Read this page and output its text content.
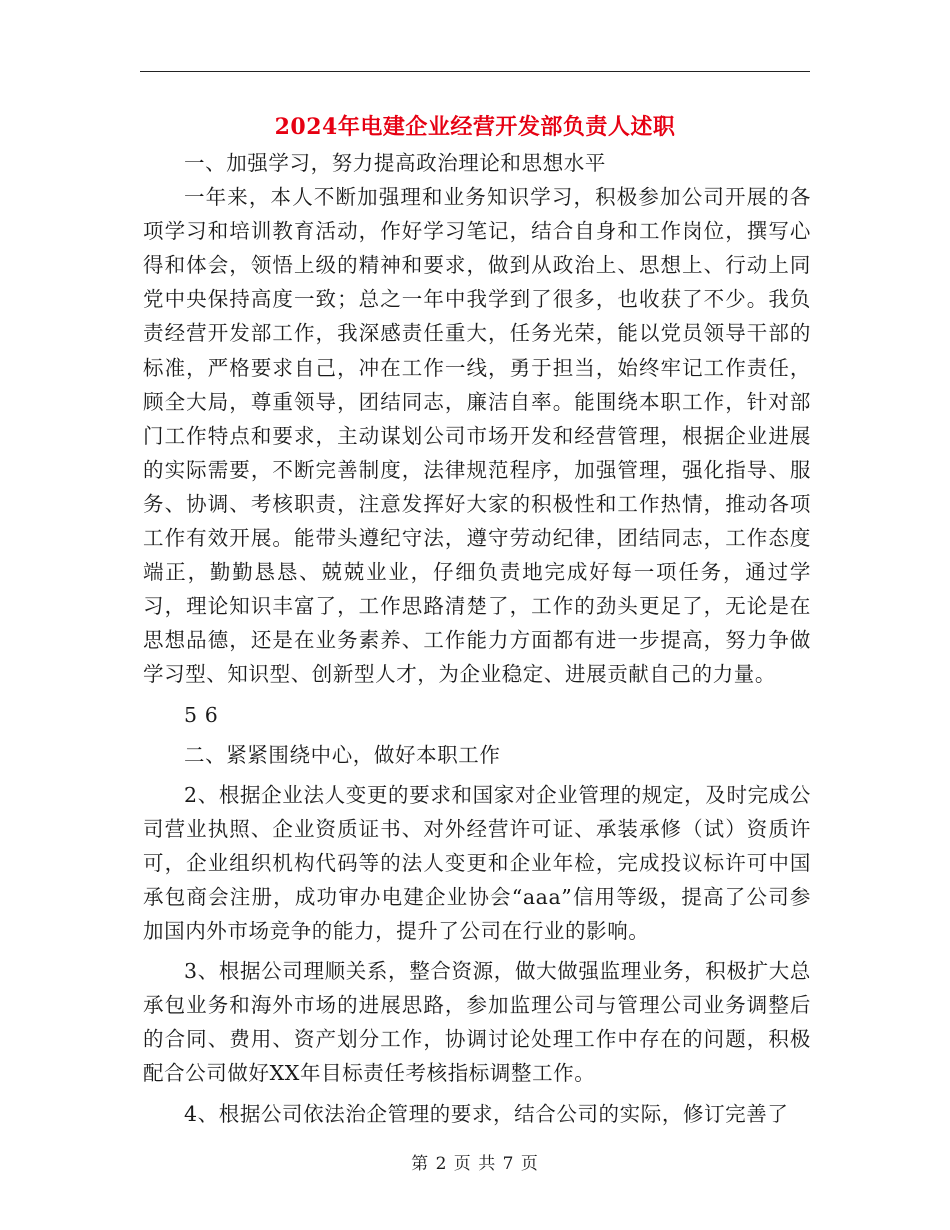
2024年电建企业经营开发部负责人述职

一、加强学习，努力提高政治理论和思想水平

一年来，本人不断加强理和业务知识学习，积极参加公司开展的各项学习和培训教育活动，作好学习笔记，结合自身和工作岗位，撰写心得和体会，领悟上级的精神和要求，做到从政治上、思想上、行动上同党中央保持高度一致；总之一年中我学到了很多，也收获了不少。我负责经营开发部工作，我深感责任重大，任务光荣，能以党员领导干部的标准，严格要求自己，冲在工作一线，勇于担当，始终牢记工作责任，顾全大局，尊重领导，团结同志，廉洁自率。能围绕本职工作，针对部门工作特点和要求，主动谋划公司市场开发和经营管理，根据企业进展的实际需要，不断完善制度，法律规范程序，加强管理，强化指导、服务、协调、考核职责，注意发挥好大家的积极性和工作热情，推动各项工作有效开展。能带头遵纪守法，遵守劳动纪律，团结同志，工作态度端正，勤勤恳恳、兢兢业业，仔细负责地完成好每一项任务，通过学习，理论知识丰富了，工作思路清楚了，工作的劲头更足了，无论是在思想品德，还是在业务素养、工作能力方面都有进一步提高，努力争做学习型、知识型、创新型人才，为企业稳定、进展贡献自己的力量。

5 6

二、紧紧围绕中心，做好本职工作

2、根据企业法人变更的要求和国家对企业管理的规定，及时完成公司营业执照、企业资质证书、对外经营许可证、承装承修（试）资质许可，企业组织机构代码等的法人变更和企业年检，完成投议标许可中国承包商会注册，成功审办电建企业协会“aaa”信用等级，提高了公司参加国内外市场竞争的能力，提升了公司在行业的影响。

3、根据公司理顺关系，整合资源，做大做强监理业务，积极扩大总承包业务和海外市场的进展思路，参加监理公司与管理公司业务调整后的合同、费用、资产划分工作，协调讨论处理工作中存在的问题，积极配合公司做好XX年目标责任考核指标调整工作。

4、根据公司依法治企管理的要求，结合公司的实际，修订完善了

第 2 页 共 7 页
